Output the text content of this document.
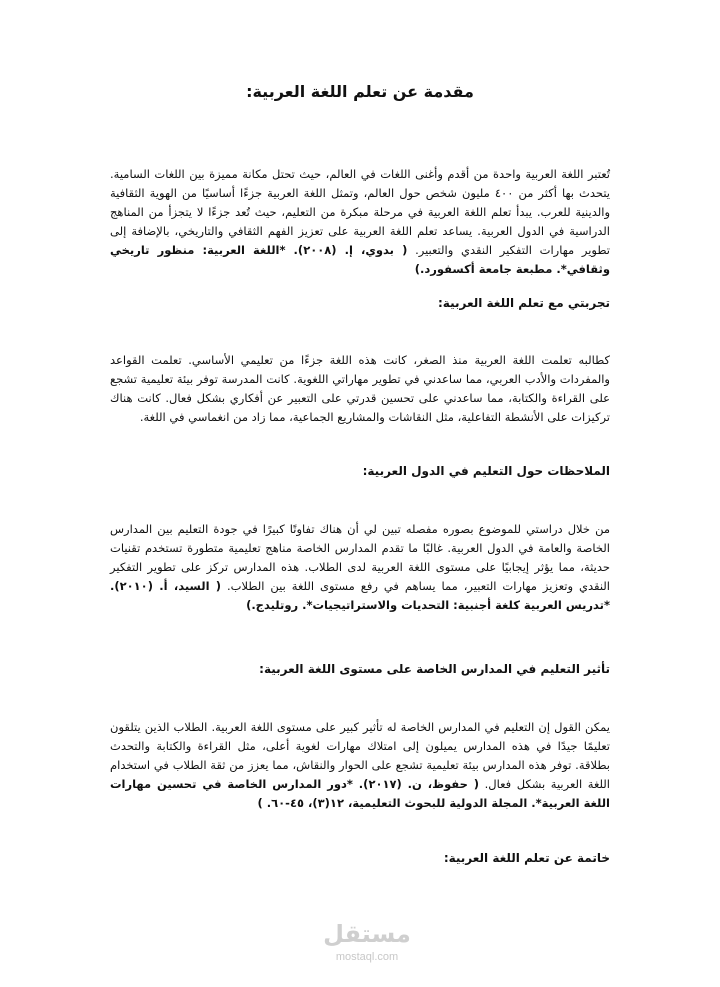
مقدمة عن تعلم اللغة العربية:

تُعتبر اللغة العربية واحدة من أقدم وأغنى اللغات في العالم، حيث تحتل مكانة مميزة بين اللغات السامية. يتحدث بها أكثر من ٤٠٠ مليون شخص حول العالم، وتمثل اللغة العربية جزءًا أساسيًا من الهوية الثقافية والدينية للعرب. يبدأ تعلم اللغة العربية في مرحلة مبكرة من التعليم، حيث تُعد جزءًا لا يتجزأ من المناهج الدراسية في الدول العربية. يساعد تعلم اللغة العربية على تعزيز الفهم الثقافي والتاريخي، بالإضافة إلى تطوير مهارات التفكير النقدي والتعبير. ( بدوي، إ. (٢٠٠٨). *اللغة العربية: منظور تاريخي وثقافي*. مطبعة جامعة أكسفورد.)

تجربتي مع تعلم اللغة العربية:

كطالبه تعلمت اللغة العربية منذ الصغر، كانت هذه اللغة جزءًا من تعليمي الأساسي. تعلمت القواعد والمفردات والأدب العربي، مما ساعدني في تطوير مهاراتي اللغوية. كانت المدرسة توفر بيئة تعليمية تشجع على القراءة والكتابة، مما ساعدني على تحسين قدرتي على التعبير عن أفكاري بشكل فعال. كانت هناك تركيزات على الأنشطة التفاعلية، مثل النقاشات والمشاريع الجماعية، مما زاد من انغماسي في اللغة.

الملاحظات حول التعليم في الدول العربية:

من خلال دراستي للموضوع بصوره مفصله تبين لي أن هناك تفاوتًا كبيرًا في جودة التعليم بين المدارس الخاصة والعامة في الدول العربية. غالبًا ما تقدم المدارس الخاصة مناهج تعليمية متطورة تستخدم تقنيات حديثة، مما يؤثر إيجابيًا على مستوى اللغة العربية لدى الطلاب. هذه المدارس تركز على تطوير التفكير النقدي وتعزيز مهارات التعبير، مما يساهم في رفع مستوى اللغة بين الطلاب. ( السيد، أ. (٢٠١٠). *تدريس العربية كلغة أجنبية: التحديات والاستراتيجيات*. روتليدج.)

تأثير التعليم في المدارس الخاصة على مستوى اللغة العربية:

يمكن القول إن التعليم في المدارس الخاصة له تأثير كبير على مستوى اللغة العربية. الطلاب الذين يتلقون تعليمًا جيدًا في هذه المدارس يميلون إلى امتلاك مهارات لغوية أعلى، مثل القراءة والكتابة والتحدث بطلاقة. توفر هذه المدارس بيئة تعليمية تشجع على الحوار والنقاش، مما يعزز من ثقة الطلاب في استخدام اللغة العربية بشكل فعال. ( حفوظ، ن. (٢٠١٧). *دور المدارس الخاصة في تحسين مهارات اللغة العربية*. المجلة الدولية للبحوث التعليمية، ١٢(٣)، ٤٥-٦٠. )

خاتمة عن تعلم اللغة العربية:
مستقل
mostaql.com
